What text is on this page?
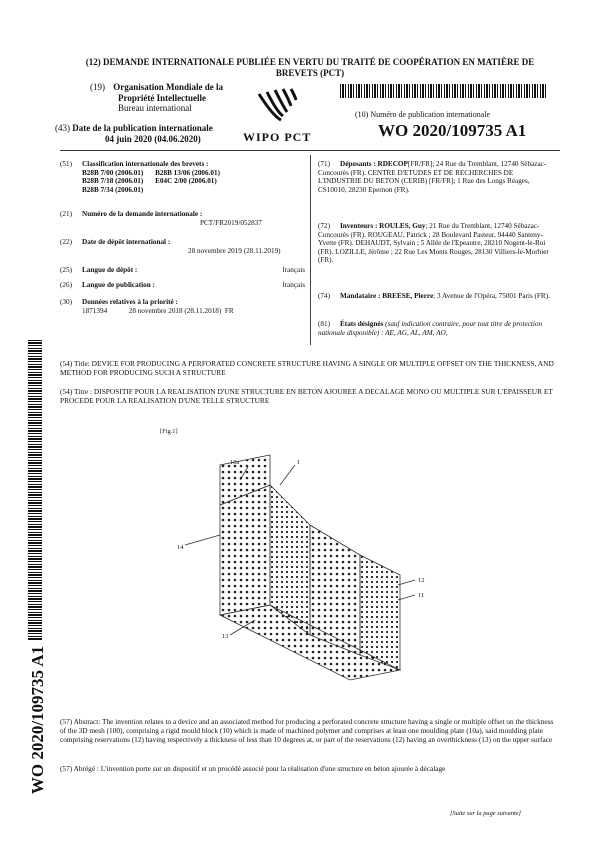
(12) DEMANDE INTERNATIONALE PUBLIÉE EN VERTU DU TRAITÉ DE COOPÉRATION EN MATIÈRE DE
BREVETS (PCT)
(19) Organisation Mondiale de la
Propriété Intellectuelle
Bureau international
WIPO PCT
(43) Date de la publication internationale
04 juin 2020 (04.06.2020)
(10) Numéro de publication internationale
WO 2020/109735 A1
(51) Classification internationale des brevets :
B28B 7/00 (2006.01) B28B 13/06 (2006.01)
B28B 7/18 (2006.01) E04C 2/00 (2006.01)
B28B 7/34 (2006.01)
(21) Numéro de la demande internationale :
PCT/FR2019/052837
(22) Date de dépôt international :
28 novembre 2019 (28.11.2019)
(25) Langue de dépôt :	français
(26) Langue de publication :	français
(30) Données relatives à la priorité :
1871394            28 novembre 2018 (28.11.2018)  FR
(71) Déposants : RDECOP[FR/FR]; 24 Rue du Tremblant, 12740 Sébazac-Concourès (FR). CENTRE D'ETUDES ET DE RECHERCHES DE L'INDUSTRIE DU BETON (CERIB) [FR/FR]; 1 Rue des Longs Réages, CS10010, 28230 Epernon (FR).
(72) Inventeurs : ROULES, Guy; 21 Rue du Tremblant, 12740 Sébazac-Concourès (FR). ROUGEAU, Patrick ; 28 Boulevard Pasteur, 94440 Santeny-Yvette (FR). DEHAUDT, Sylvain ; 5 Allée de l'Epeautre, 28210 Nogent-le-Roi (FR). LOZILLE, Jérôme ; 22 Rue Les Monts Rouges, 28130 Villiers-le-Morhier (FR).
(74) Mandataire : BREESE, Pierre; 3 Avenue de l'Opéra, 75001 Paris (FR).
(81) États désignés (sauf indication contraire, pour tout titre de protection nationale disponible) : AE, AG, AL, AM, AO,
WO 2020/109735 A1
(54) Title: DEVICE FOR PRODUCING A PERFORATED CONCRETE STRUCTURE HAVING A SINGLE OR MULTIPLE OFFSET ON THE THICKNESS, AND METHOD FOR PRODUCING SUCH A STRUCTURE
(54) Titre : DISPOSITIF POUR LA REALISATION D'UNE STRUCTURE EN BETON AJOUREE A DECALAGE MONO OU MULTIPLE SUR L'EPAISSEUR ET PROCEDE POUR LA REALISATION D'UNE TELLE STRUCTURE
[Fig.1]
10a	1
14
12
11
13
(57) Abstract: The invention relates to a device and an associated method for producing a perforated concrete structure having a single or multiple offset on the thickness of the 3D mesh (100), comprising a rigid mould block (10) which is made of machined polymer and comprises at least one moulding plate (10a), said moulding plate comprising reservations (12) having respectively a thickness of less than 10 degrees at, or part of the reservations (12) having an overthickness (13) on the upper surface
(57) Abrégé : L'invention porte sur un dispositif et un procédé associé pour la réalisation d'une structure en béton ajourée à décalage
[Suite sur la page suivante]
